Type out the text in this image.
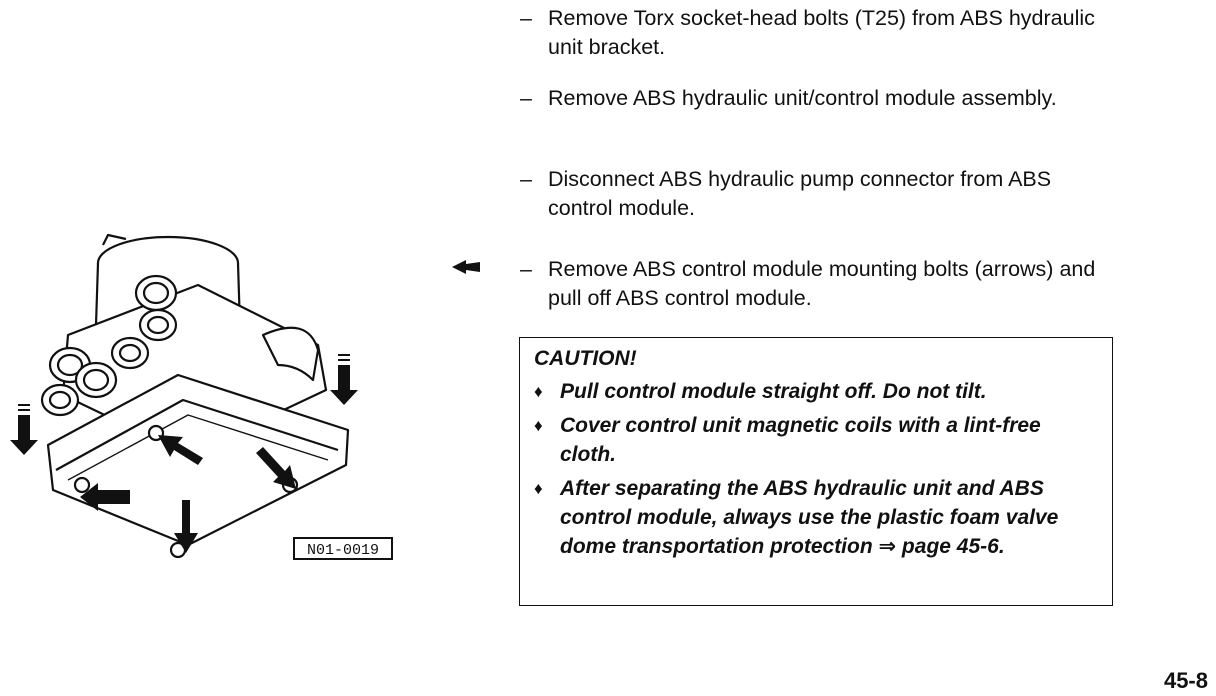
N01-0019
– Remove Torx socket-head bolts (T25) from ABS hydraulic unit bracket.
– Remove ABS hydraulic unit/control module assembly.
– Disconnect ABS hydraulic pump connector from ABS control module.
– Remove ABS control module mounting bolts (arrows) and pull off ABS control module.
CAUTION!
♦ Pull control module straight off. Do not tilt.
♦ Cover control unit magnetic coils with a lint-free cloth.
♦ After separating the ABS hydraulic unit and ABS control module, always use the plastic foam valve dome transportation protection ⇒ page 45-6.
45-8
